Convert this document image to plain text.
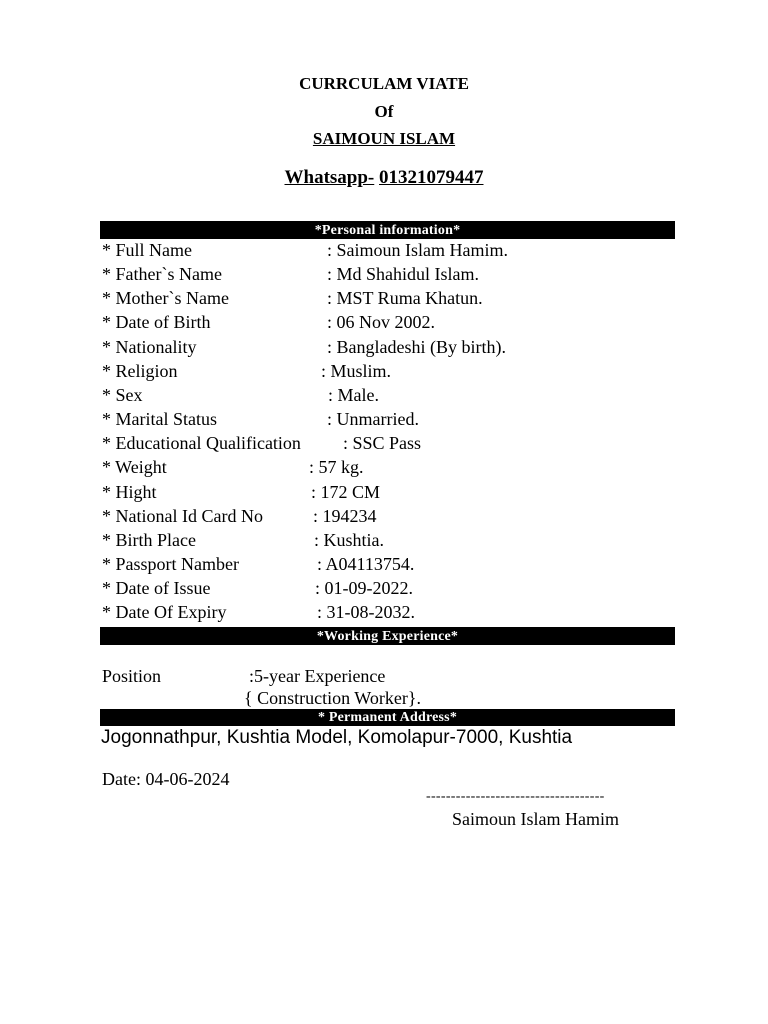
CURRCULAM VIATE
Of
SAIMOUN ISLAM
Whatsapp- 01321079447
*Personal information*
* Full Name	: Saimoun Islam Hamim.
* Father`s Name	: Md Shahidul Islam.
* Mother`s Name	: MST Ruma Khatun.
* Date of Birth	: 06 Nov 2002.
* Nationality	: Bangladeshi (By birth).
* Religion	: Muslim.
* Sex	: Male.
* Marital Status	: Unmarried.
* Educational Qualification : SSC Pass
* Weight	: 57 kg.
* Hight	: 172 CM
* National Id Card No	: 194234
* Birth Place	: Kushtia.
* Passport Namber	: A04113754.
* Date of Issue	: 01-09-2022.
* Date Of Expiry	: 31-08-2032.
*Working Experience*
Position	:5-year Experience
{ Construction Worker}.
* Permanent Address*
Jogonnathpur, Kushtia Model, Komolapur-7000, Kushtia
Date: 04-06-2024
------------------------------------
Saimoun Islam Hamim
